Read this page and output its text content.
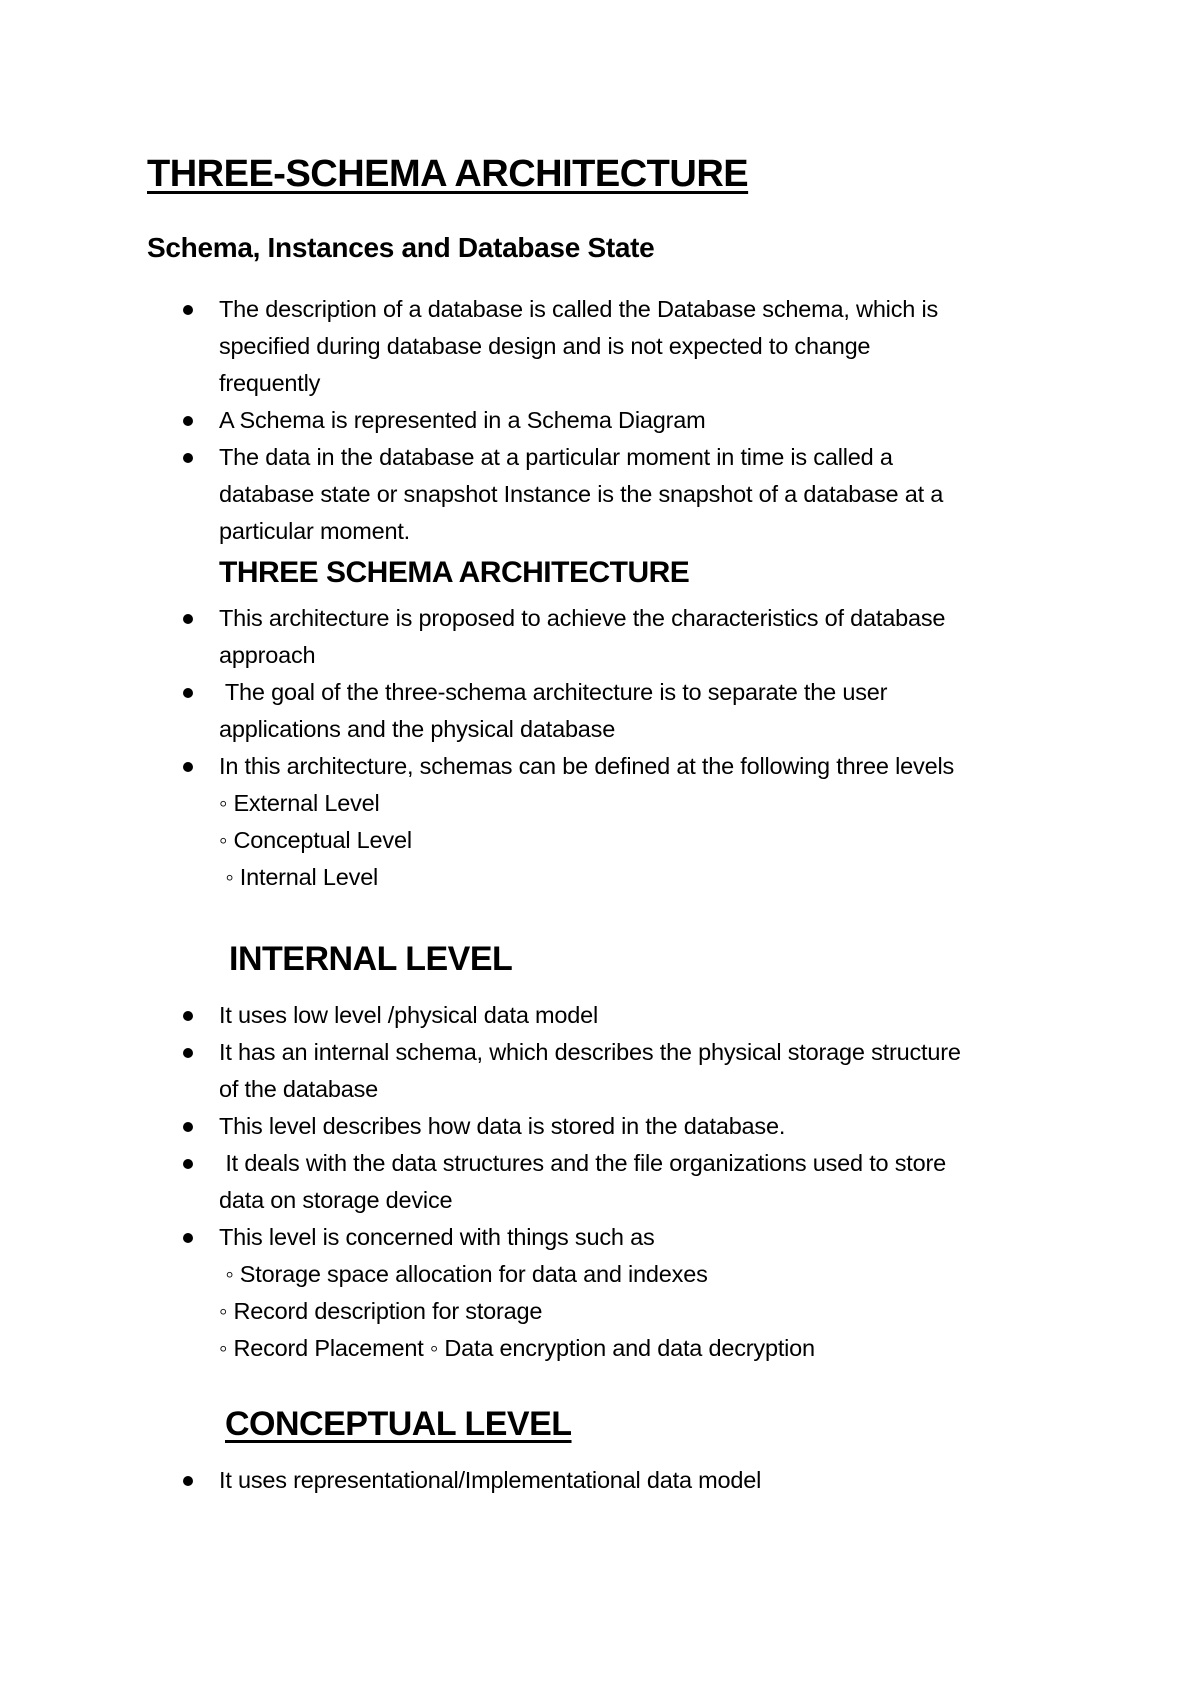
THREE-SCHEMA ARCHITECTURE
Schema, Instances and Database State
The description of a database is called the Database schema, which is
specified during database design and is not expected to change
frequently
A Schema is represented in a Schema Diagram
The data in the database at a particular moment in time is called a
database state or snapshot Instance is the snapshot of a database at a
particular moment.
THREE SCHEMA ARCHITECTURE
This architecture is proposed to achieve the characteristics of database
approach
The goal of the three-schema architecture is to separate the user
applications and the physical database
In this architecture, schemas can be defined at the following three levels
◦ External Level
◦ Conceptual Level
◦ Internal Level
INTERNAL LEVEL
It uses low level /physical data model
It has an internal schema, which describes the physical storage structure
of the database
This level describes how data is stored in the database.
It deals with the data structures and the file organizations used to store
data on storage device
This level is concerned with things such as
◦ Storage space allocation for data and indexes
◦ Record description for storage
◦ Record Placement ◦ Data encryption and data decryption
CONCEPTUAL LEVEL
It uses representational/Implementational data model
